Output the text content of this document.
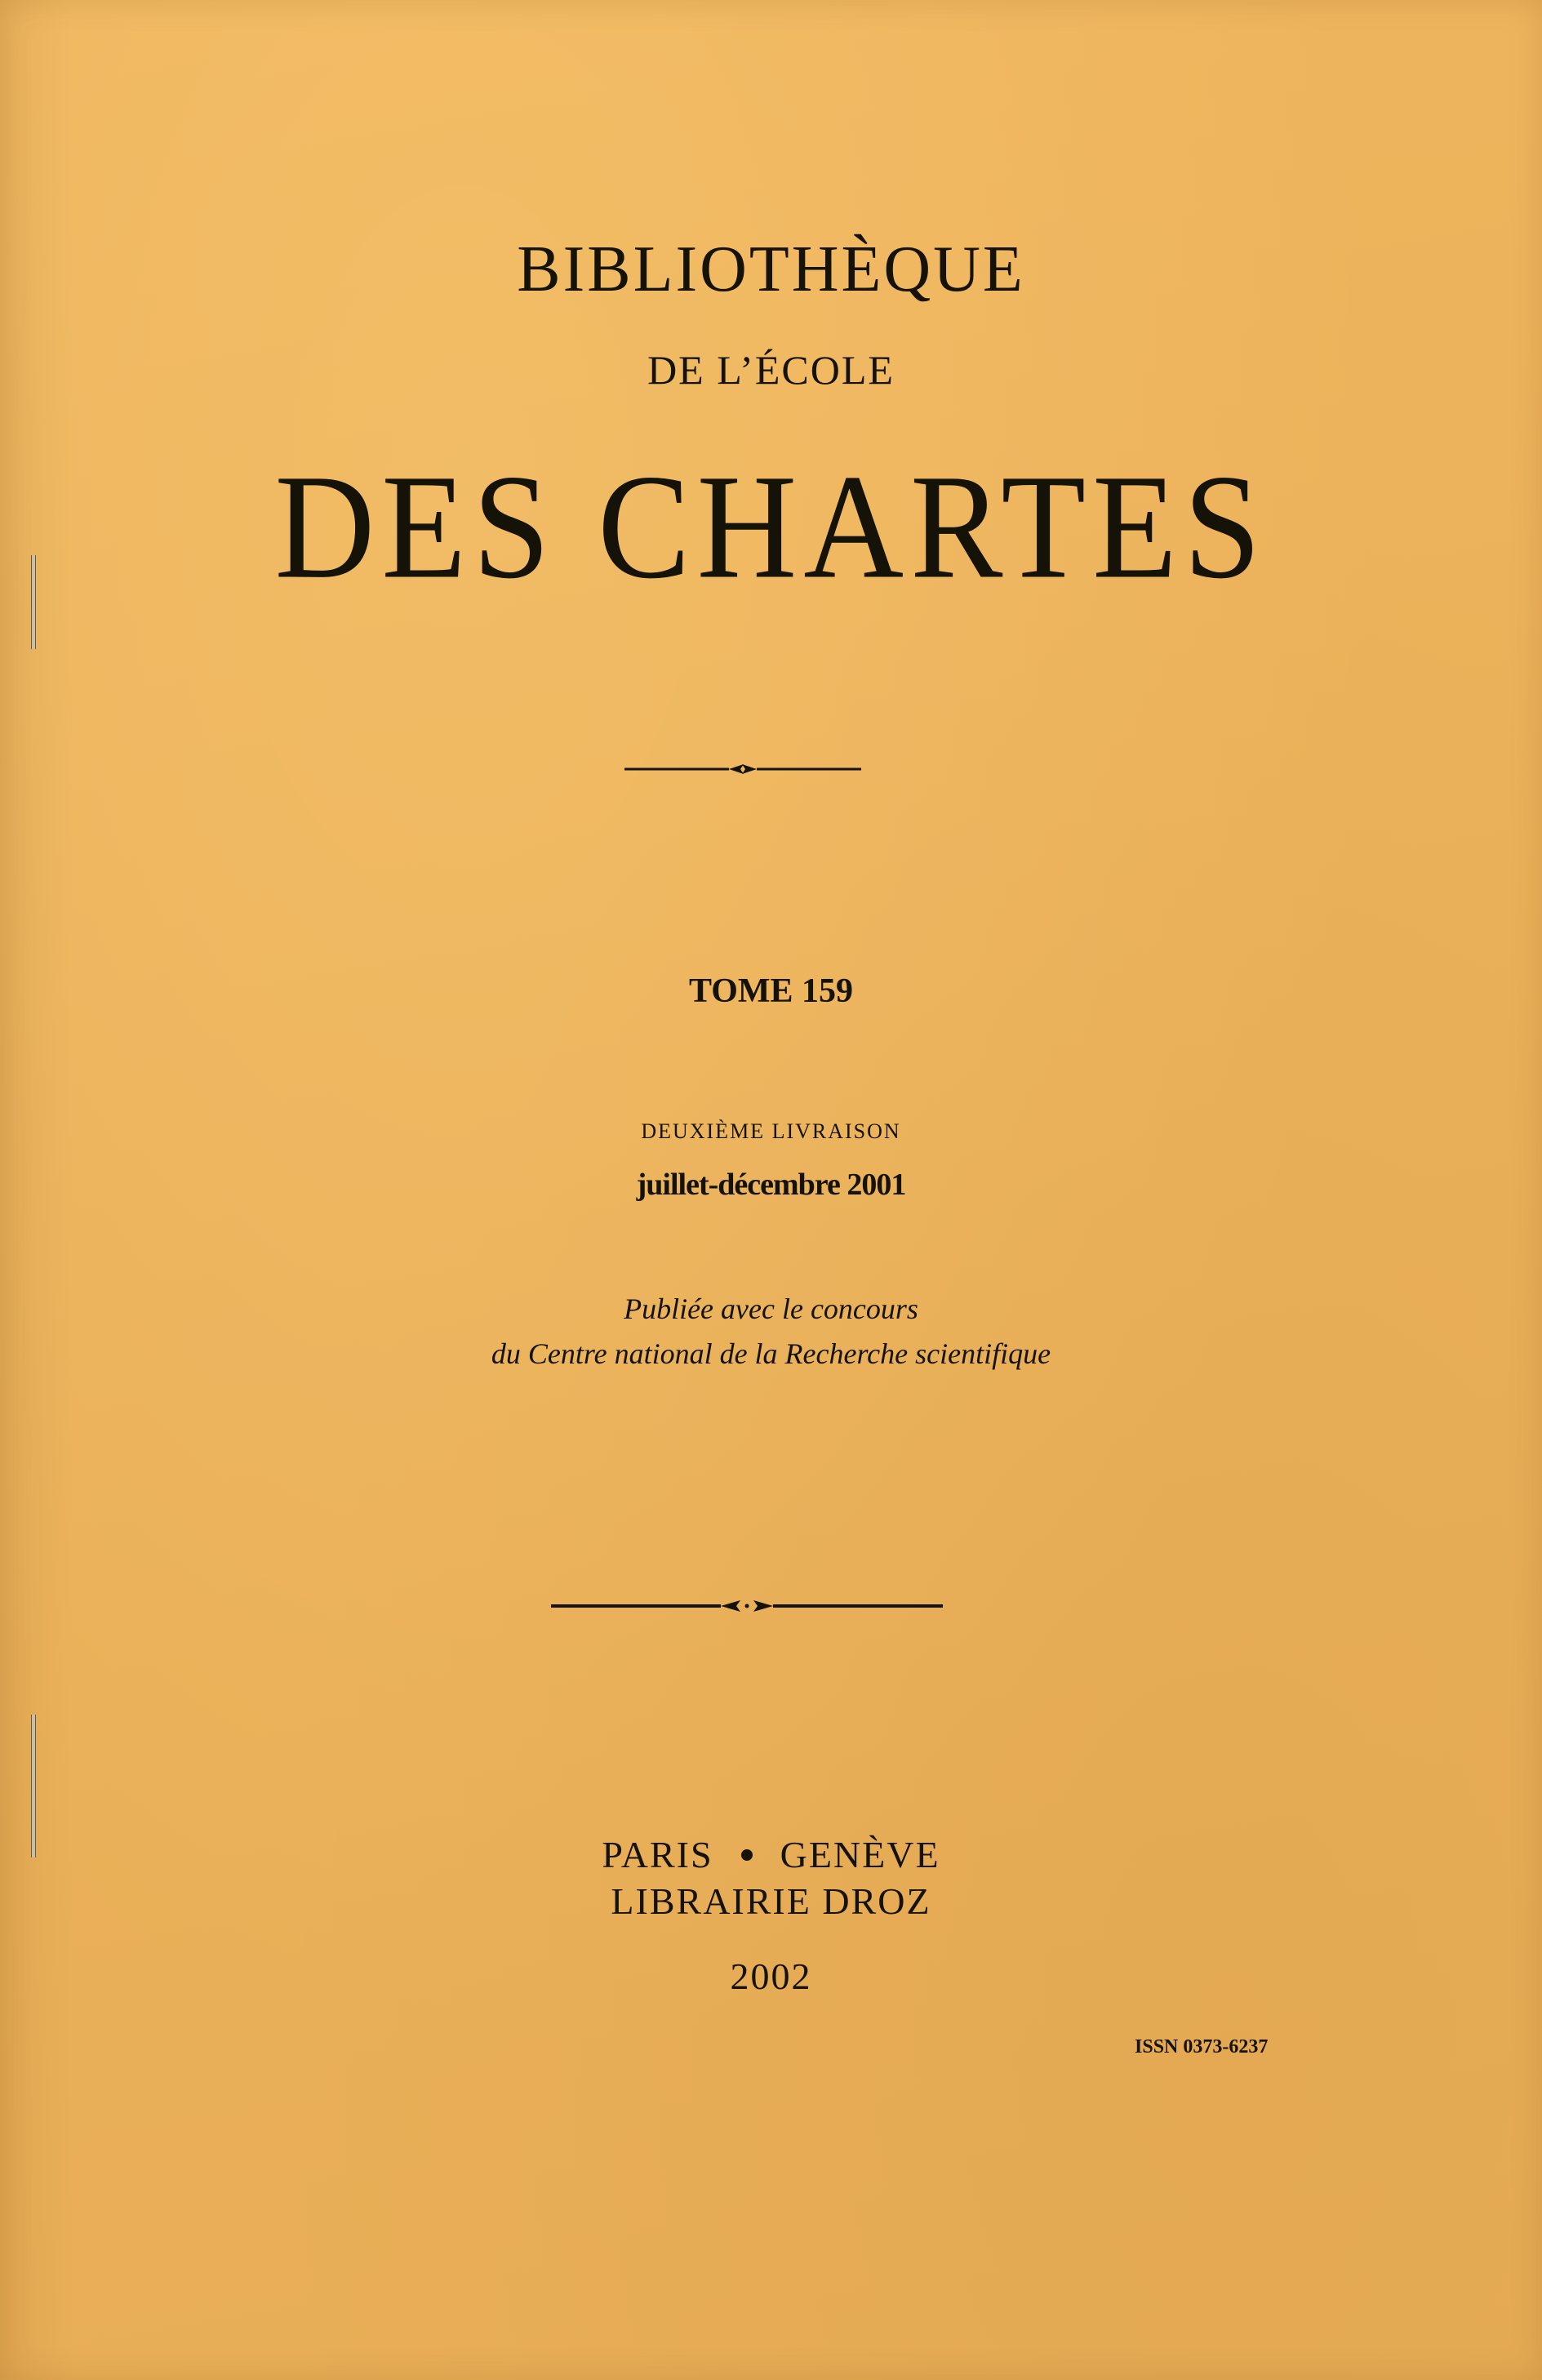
BIBLIOTHÈQUE
DE L’ÉCOLE
DES CHARTES
TOME 159
DEUXIÈME LIVRAISON
juillet-décembre 2001
Publiée avec le concours
du Centre national de la Recherche scientifique
PARIS GENÈVE
LIBRAIRIE DROZ
2002
ISSN 0373-6237
